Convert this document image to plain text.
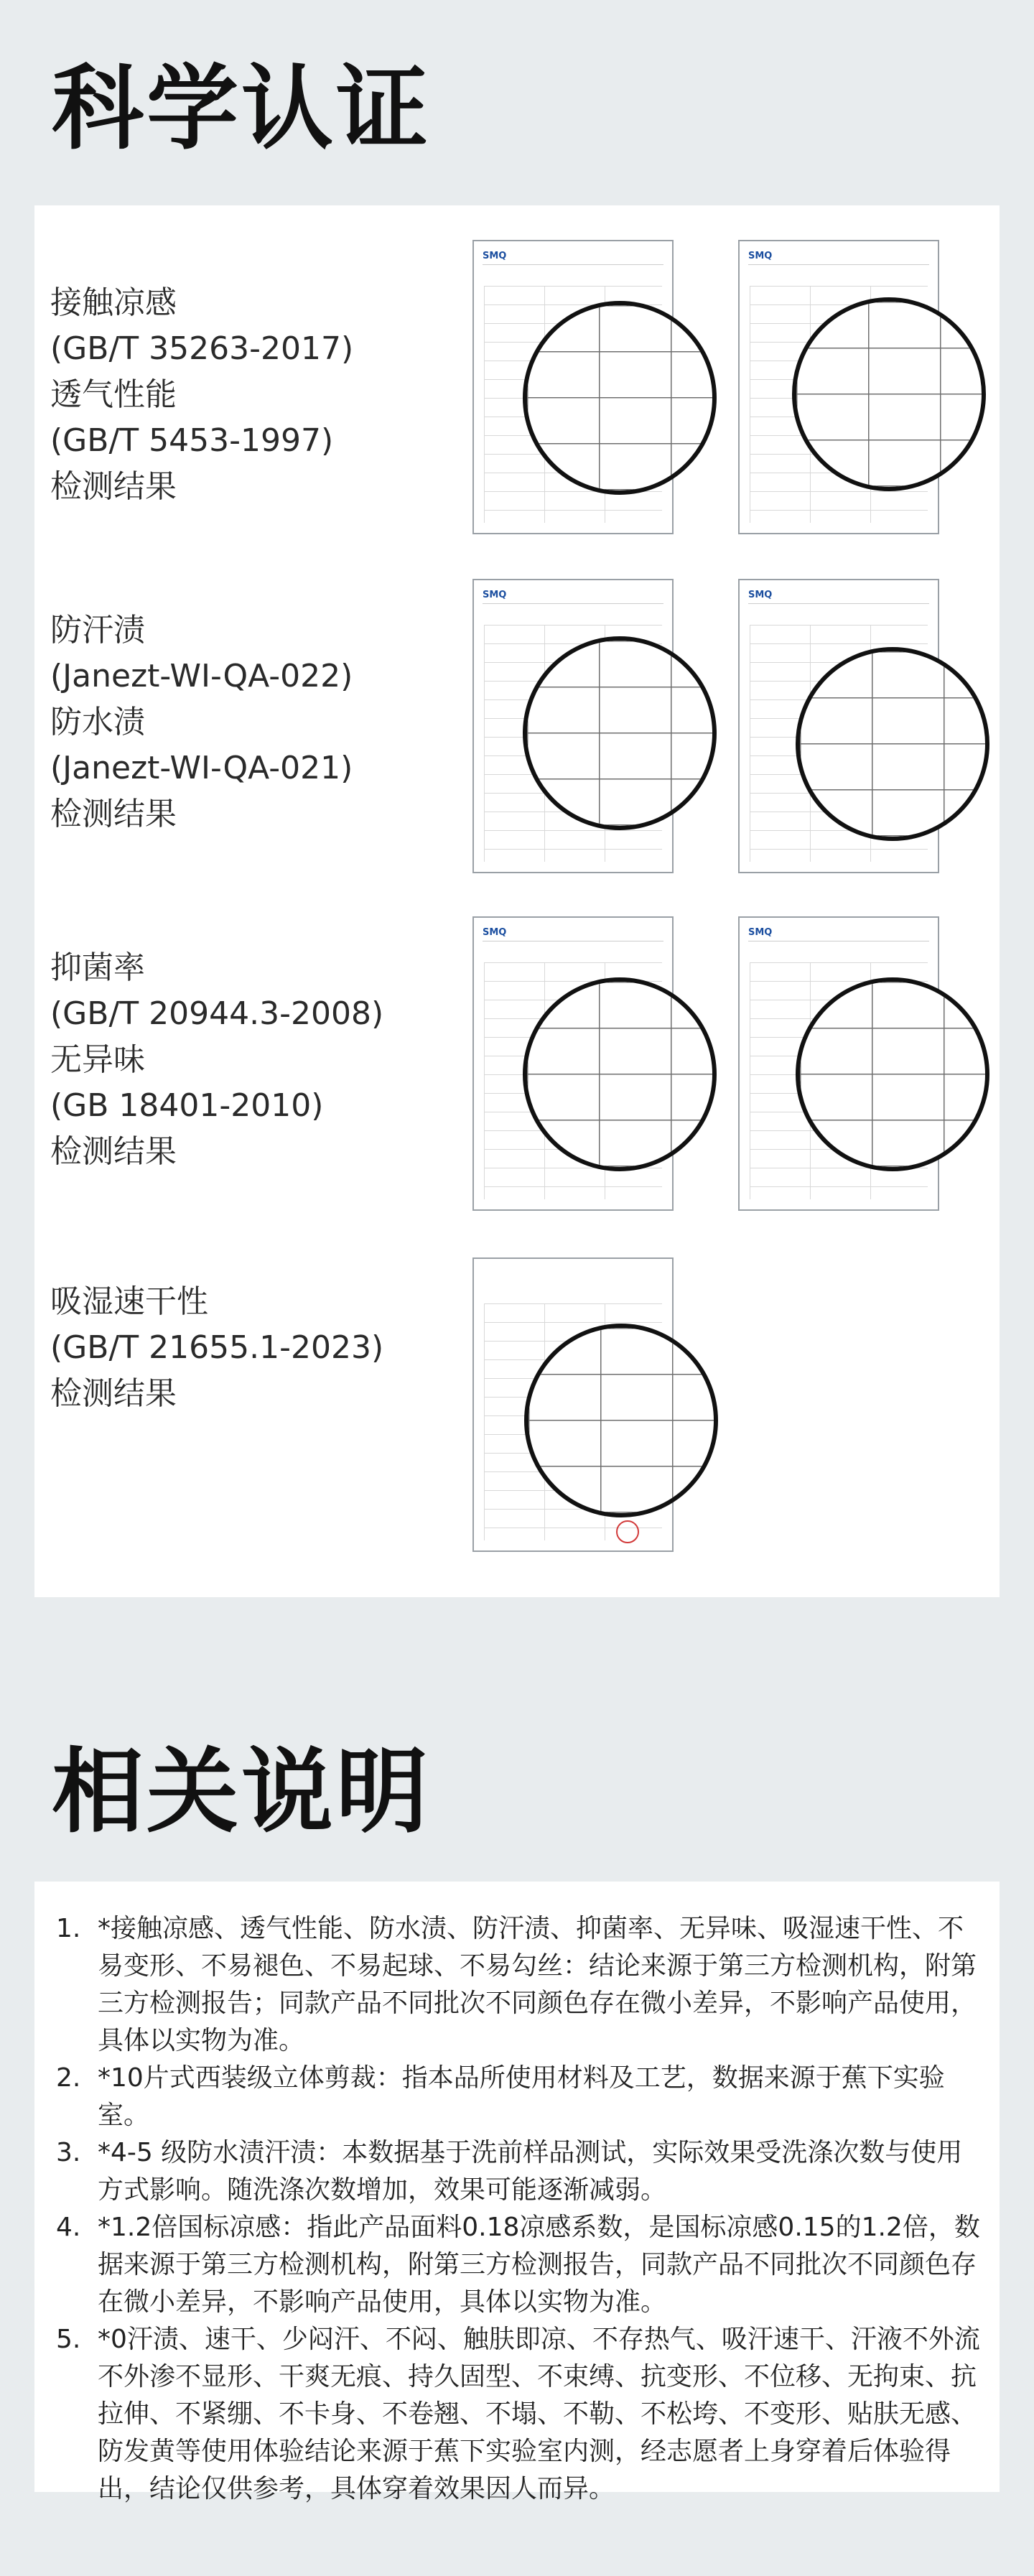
科学认证
接触凉感
(GB/T 35263-2017)
透气性能
(GB/T 5453-1997)
检测结果
SMQ	SMQ
防汗渍
(Janezt-WI-QA-022)
防水渍
(Janezt-WI-QA-021)
检测结果
SMQ	SMQ
抑菌率
(GB/T 20944.3-2008)
无异味
(GB 18401-2010)
检测结果
SMQ	SMQ
吸湿速干性
(GB/T 21655.1-2023)
检测结果
相关说明
1. *接触凉感、透气性能、防水渍、防汗渍、抑菌率、无异味、吸湿速干性、不易变形、不易褪色、不易起球、不易勾丝：结论来源于第三方检测机构，附第三方检测报告；同款产品不同批次不同颜色存在微小差异，不影响产品使用，具体以实物为准。
2. *10片式西装级立体剪裁：指本品所使用材料及工艺，数据来源于蕉下实验室。
3. *4-5 级防水渍汗渍：本数据基于洗前样品测试，实际效果受洗涤次数与使用方式影响。随洗涤次数增加，效果可能逐渐减弱。
4. *1.2倍国标凉感：指此产品面料0.18凉感系数，是国标凉感0.15的1.2倍，数据来源于第三方检测机构，附第三方检测报告，同款产品不同批次不同颜色存在微小差异，不影响产品使用，具体以实物为准。
5. *0汗渍、速干、少闷汗、不闷、触肤即凉、不存热气、吸汗速干、汗液不外流不外渗不显形、干爽无痕、持久固型、不束缚、抗变形、不位移、无拘束、抗拉伸、不紧绷、不卡身、不卷翘、不塌、不勒、不松垮、不变形、贴肤无感、防发黄等使用体验结论来源于蕉下实验室内测，经志愿者上身穿着后体验得出，结论仅供参考，具体穿着效果因人而异。
